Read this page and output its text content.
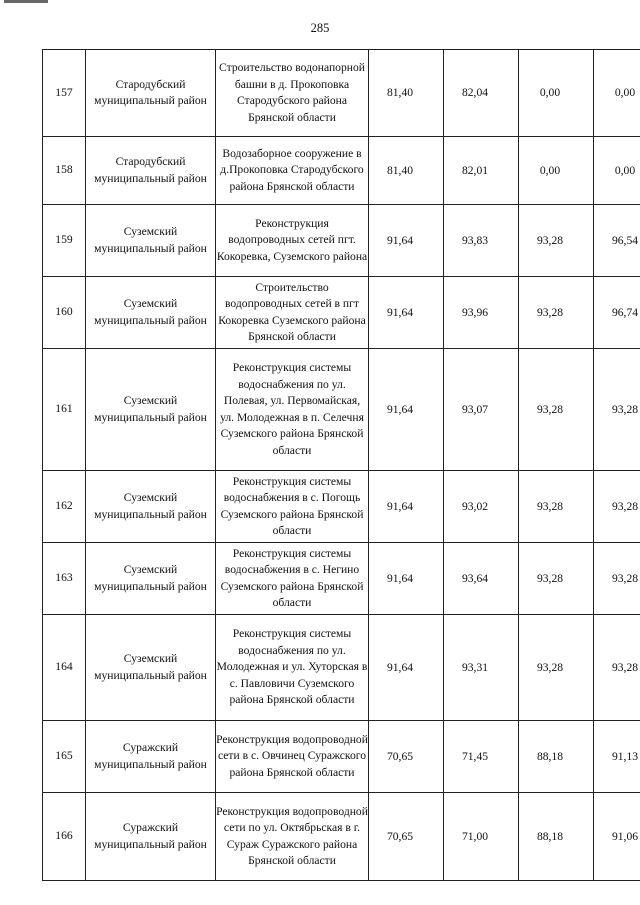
285
157	Стародубский муниципальный район	Строительство водонапорной башни в д. Прокоповка Стародубского района Брянской области	81,40	82,04	0,00	0,00
158	Стародубский муниципальный район	Водозаборное сооружение в д.Прокоповка Стародубского района Брянской области	81,40	82,01	0,00	0,00
159	Суземский муниципальный район	Реконструкция водопроводных сетей пгт. Кокоревка, Суземского района	91,64	93,83	93,28	96,54
160	Суземский муниципальный район	Строительство водопроводных сетей в пгт Кокоревка Суземского района Брянской области	91,64	93,96	93,28	96,74
161	Суземский муниципальный район	Реконструкция системы водоснабжения по ул. Полевая, ул. Первомайская, ул. Молодежная в п. Селечня Суземского района Брянской области	91,64	93,07	93,28	93,28
162	Суземский муниципальный район	Реконструкция системы водоснабжения в с. Погощь Суземского района Брянской области	91,64	93,02	93,28	93,28
163	Суземский муниципальный район	Реконструкция системы водоснабжения в с. Негино Суземского района Брянской области	91,64	93,64	93,28	93,28
164	Суземский муниципальный район	Реконструкция системы водоснабжения по ул. Молодежная и ул. Хуторская в с. Павловичи Суземского района Брянской области	91,64	93,31	93,28	93,28
165	Суражский муниципальный район	Реконструкция водопроводной сети в с. Овчинец Суражского района Брянской области	70,65	71,45	88,18	91,13
166	Суражский муниципальный район	Реконструкция водопроводной сети по ул. Октябрьская в г. Сураж Суражского района Брянской области	70,65	71,00	88,18	91,06
